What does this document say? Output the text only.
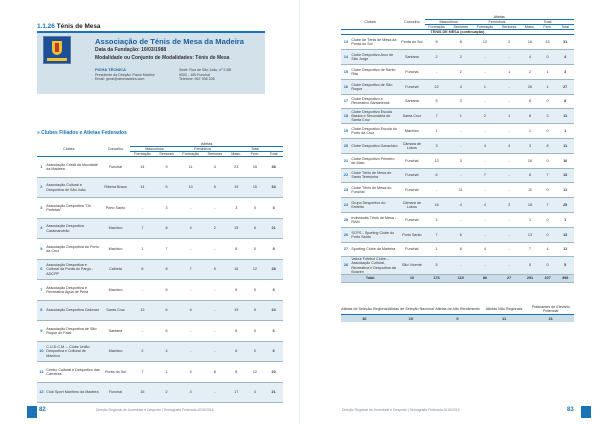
1.1.26 Ténis de Mesa
Associação de Ténis de Mesa da Madeira
Data da Fundação: 10/03/1988
Modalidade ou Conjunto de Modalidades: Ténis de Mesa
FICHA TÉCNICA
Presidente da Direção: Paulo Martins
Email: geral@atmmadeira.com
Sede: Rua de São João, nº 2-8B
9000 - 195 Funchal
Telefone: 967 936 208
» Clubes Filiados e Atletas Federados
Clubes		Concelho	Atletas						
			Masculinos		Femininos		Total		
			Formação	Seniores	Formação	Seniores	Masc.	Fem.	Total
1	Associação Cristã da Mocidade da Madeira	Funchal	14	9	11	4	23	15	38
2	Associação Cultural e Desportiva de São João	Ribeira Brava	14	5	10	5	19	15	34
3	Associação Desportiva "Os Profetas"	Porto Santo	-	3	-	-	3	0	3
4	Associação Desportiva Caramanchão	Machico	7	8	4	2	15	6	21
5	Associação Desportiva do Porto da Cruz	Machico	1	7	-	-	8	0	8
6	Associação Desportiva e Cultural da Ponta do Pargo - ADCPP	Calheta	8	8	7	5	16	12	28
7	Associação Desportiva e Recreativa Água de Pena	Machico	-	6	-	-	6	0	6
8	Associação Desportiva Galomar	Santa Cruz	13	6	5	-	19	5	24
9	Associação Desportiva de São Roque do Faial	Santana	-	6	-	-	6	0	6
10	C.U.D.C.M. – Clube União Desportiva e Cultural de Machico	Machico	2	4	-	-	6	0	6
11	Centro Cultural e Desportivo das Carreiras	Ponta do Sol	7	1	4	8	8	12	20
12	Club Sport Marítimo da Madeira	Funchal	15	2	4	-	17	4	21
82	Direção Regional de Juventude e Desporto | Demografia Federada 2015/2016
Clubes		Concelho	Atletas						
			Masculinos		Femininos		Total		
			Formação	Seniores	Formação	Seniores	Masc.	Fem.	Total
TÉNIS DE MESA (continuação)									
13	Clube de Ténis de Mesa da Ponta do Sol	Ponta do Sol	8	8	13	2	16	15	31
14	Clube Desportivo Arco de São Jorge	Santana	2	2	-	-	4	0	4
15	Clube Desportivo de Santo Rita	Funchal	-	2	-	1	2	1	3
16	Clube Desportivo de São Roque	Funchal	22	4	1	-	26	1	27
17	Clube Desportivo e Recreativo Santanense	Santana	5	3	-	-	8	0	8
18	Clube Desportivo Escola Básica e Secundária de Santa Cruz	Santa Cruz	7	1	2	1	8	3	11
19	Clube Desportivo Escola do Porto da Cruz	Machico	1	-	-	-	1	0	1
20	Clube Desportivo Garachico	Câmara de Lobos	3	-	4	4	3	8	11
21	Clube Desportivo Primeiro de Maio	Funchal	13	3	-	-	16	0	16
22	Clube Ténis de Mesa de Santo Teresinha	Funchal	6	-	7	-	6	7	13
23	Clube Ténis de Mesa do Funchal	Funchal	-	11	-	-	11	0	11
24	Grupo Desportivo do Estreito	Câmara de Lobos	16	4	4	3	18	7	25
25	Individuais Ténis de Mesa - RAM	Funchal	1	-	-	-	1	0	1
26	SCPS - Sporting Clube do Porto Santo	Porto Santo	7	6	-	-	13	0	13
27	Sporting Clube da Madeira	Funchal	1	6	4	-	7	4	11
28	Valour Futebol Clube – Associação Cultural, Recreativa e Desportiva da Boaven	São Vicente	5	-	-	-	5	0	5
Total		10	176	115	80	27	291	107	398
Atletas de Seleção Regional	Atletas de Seleção Nacional	Atletas de Alto Rendimento	Atletas Não Regionais	Praticantes de Elevado Potencial
16	10	0	11	21
Direção Regional de Juventude e Desporto | Demografia Federada 2015/2016	83
